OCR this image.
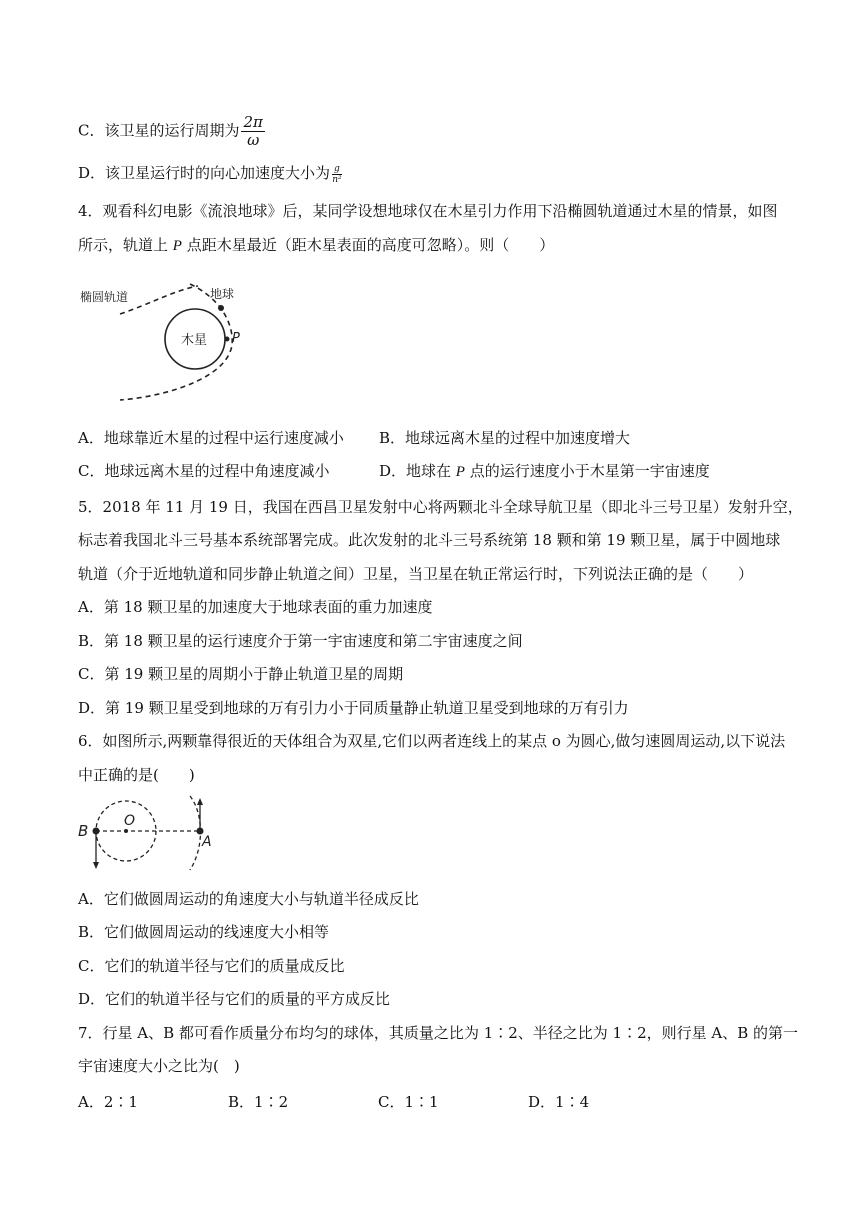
C．该卫星的运行周期为 $\frac{2\pi}{\omega}$
D．该卫星运行时的向心加速度大小为 $\frac{g}{\text{n²}}$
4．观看科幻电影《流浪地球》后，某同学设想地球仅在木星引力作用下沿椭圆轨道通过木星的情景，如图
所示，轨道上 P 点距木星最近（距木星表面的高度可忽略）。则（　　）
椭圆轨道	地球
木星 P
A．地球靠近木星的过程中运行速度减小 B．地球远离木星的过程中加速度增大
C．地球远离木星的过程中角速度减小	D．地球在 P 点的运行速度小于木星第一宇宙速度
5．2018 年 11 月 19 日，我国在西昌卫星发射中心将两颗北斗全球导航卫星（即北斗三号卫星）发射升空，
标志着我国北斗三号基本系统部署完成。此次发射的北斗三号系统第 18 颗和第 19 颗卫星，属于中圆地球
轨道（介于近地轨道和同步静止轨道之间）卫星，当卫星在轨正常运行时，下列说法正确的是（　　）
A．第 18 颗卫星的加速度大于地球表面的重力加速度
B．第 18 颗卫星的运行速度介于第一宇宙速度和第二宇宙速度之间
C．第 19 颗卫星的周期小于静止轨道卫星的周期
D．第 19 颗卫星受到地球的万有引力小于同质量静止轨道卫星受到地球的万有引力
6．如图所示,两颗靠得很近的天体组合为双星,它们以两者连线上的某点 o 为圆心,做匀速圆周运动,以下说法
中正确的是(　　)
B
O
A
A．它们做圆周运动的角速度大小与轨道半径成反比
B．它们做圆周运动的线速度大小相等
C．它们的轨道半径与它们的质量成反比
D．它们的轨道半径与它们的质量的平方成反比
7．行星 A、B 都可看作质量分布均匀的球体，其质量之比为 1∶2、半径之比为 1∶2，则行星 A、B 的第一
宇宙速度大小之比为(　)
A．2∶1	B．1∶2	C．1∶1	D．1∶4
